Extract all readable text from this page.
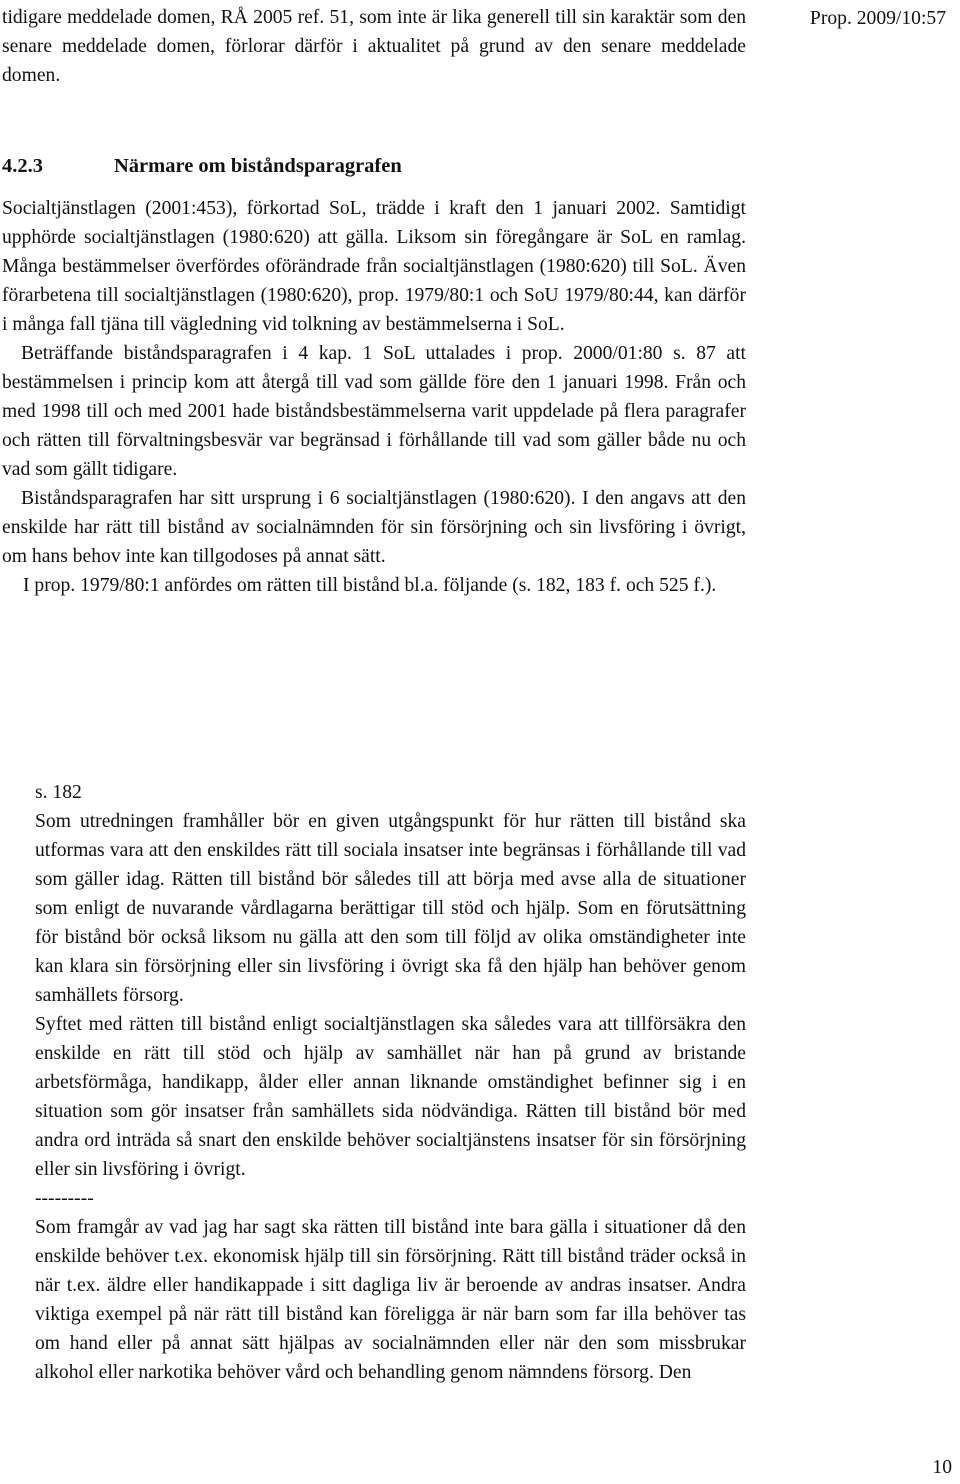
Prop. 2009/10:57

tidigare meddelade domen, RÅ 2005 ref. 51, som inte är lika generell till sin karaktär som den senare meddelade domen, förlorar därför i aktualitet på grund av den senare meddelade domen.

4.2.3	Närmare om biståndsparagrafen

Socialtjänstlagen (2001:453), förkortad SoL, trädde i kraft den 1 januari 2002. Samtidigt upphörde socialtjänstlagen (1980:620) att gälla. Liksom sin föregångare är SoL en ramlag. Många bestämmelser överfördes oförändrade från socialtjänstlagen (1980:620) till SoL. Även förarbetena till socialtjänstlagen (1980:620), prop. 1979/80:1 och SoU 1979/80:44, kan därför i många fall tjäna till vägledning vid tolkning av bestämmelserna i SoL.

Beträffande biståndsparagrafen i 4 kap. 1 SoL uttalades i prop. 2000/01:80 s. 87 att bestämmelsen i princip kom att återgå till vad som gällde före den 1 januari 1998. Från och med 1998 till och med 2001 hade biståndsbestämmelserna varit uppdelade på flera paragrafer och rätten till förvaltningsbesvär var begränsad i förhållande till vad som gäller både nu och vad som gällt tidigare.

Biståndsparagrafen har sitt ursprung i 6 socialtjänstlagen (1980:620). I den angavs att den enskilde har rätt till bistånd av socialnämnden för sin försörjning och sin livsföring i övrigt, om hans behov inte kan tillgodoses på annat sätt.

I prop. 1979/80:1 anfördes om rätten till bistånd bl.a. följande (s. 182, 183 f. och 525 f.).

s. 182

Som utredningen framhåller bör en given utgångspunkt för hur rätten till bistånd ska utformas vara att den enskildes rätt till sociala insatser inte begränsas i förhållande till vad som gäller idag. Rätten till bistånd bör således till att börja med avse alla de situationer som enligt de nuvarande vårdlagarna berättigar till stöd och hjälp. Som en förutsättning för bistånd bör också liksom nu gälla att den som till följd av olika omständigheter inte kan klara sin försörjning eller sin livsföring i övrigt ska få den hjälp han behöver genom samhällets försorg.

Syftet med rätten till bistånd enligt socialtjänstlagen ska således vara att tillförsäkra den enskilde en rätt till stöd och hjälp av samhället när han på grund av bristande arbetsförmåga, handikapp, ålder eller annan liknande omständighet befinner sig i en situation som gör insatser från samhällets sida nödvändiga. Rätten till bistånd bör med andra ord inträda så snart den enskilde behöver socialtjänstens insatser för sin försörjning eller sin livsföring i övrigt.

---------

Som framgår av vad jag har sagt ska rätten till bistånd inte bara gälla i situationer då den enskilde behöver t.ex. ekonomisk hjälp till sin försörjning. Rätt till bistånd träder också in när t.ex. äldre eller handikappade i sitt dagliga liv är beroende av andras insatser. Andra viktiga exempel på när rätt till bistånd kan föreligga är när barn som far illa behöver tas om hand eller på annat sätt hjälpas av socialnämnden eller när den som missbrukar alkohol eller narkotika behöver vård och behandling genom nämndens försorg. Den

10
